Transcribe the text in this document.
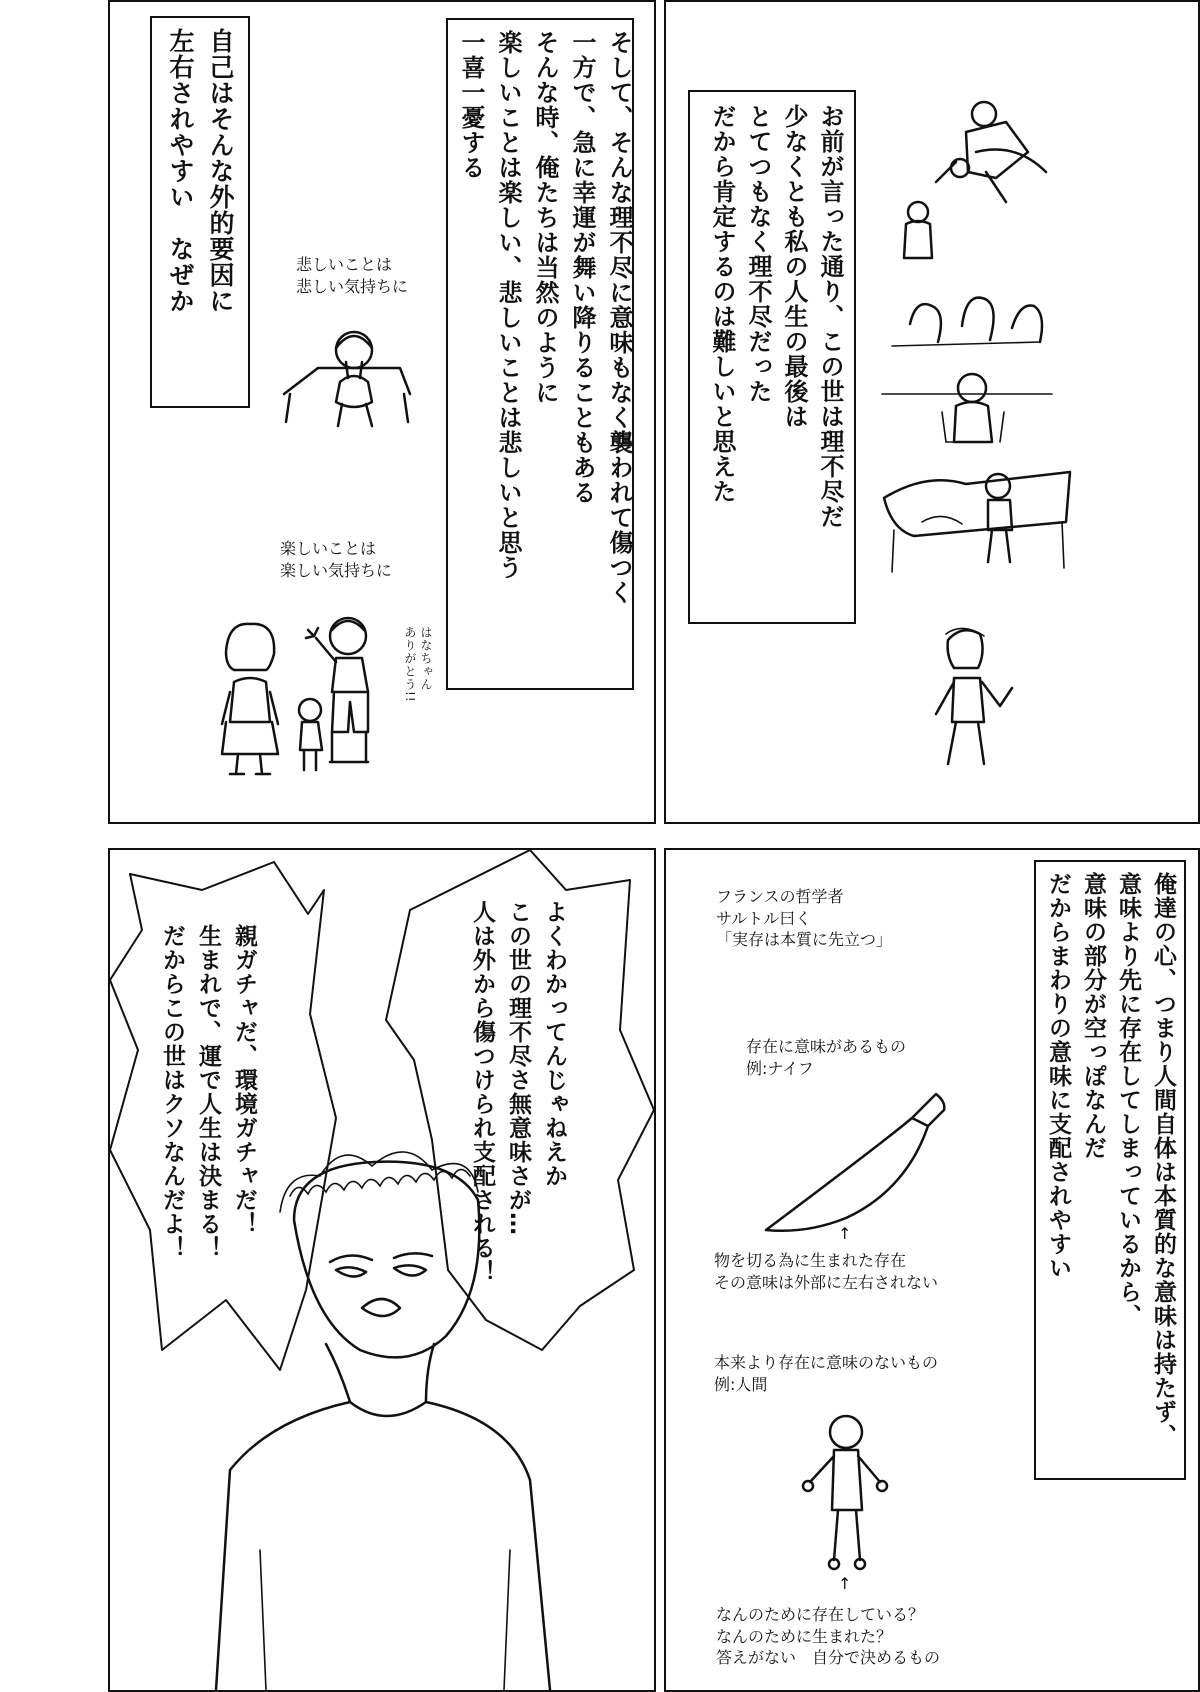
そして、そんな理不尽に意味もなく襲われて傷つく
一方で、急に幸運が舞い降りることもある
そんな時、俺たちは当然のように
楽しいことは楽しい、悲しいことは悲しいと思う
一喜一憂する
自己はそんな外的要因に
左右されやすい　なぜか	悲しいことは
悲しい気持ちに
楽しいことは
楽しい気持ちに
はなちゃん
ありがとう!!
お前が言った通り、この世は理不尽だ
少なくとも私の人生の最後は
とてつもなく理不尽だった
だから肯定するのは難しいと思えた
親ガチャだ、環境ガチャだ！
生まれで、運で人生は決まる！
だからこの世はクソなんだよ！	よくわかってんじゃねえか
この世の理不尽さ無意味さが…
人は外から傷つけられ支配される！	俺達の心、つまり人間自体は本質的な意味は持たず、
意味より先に存在してしまっているから、
意味の部分が空っぽなんだ
だからまわりの意味に支配されやすい
フランスの哲学者
サルトル曰く
「実存は本質に先立つ」
存在に意味があるもの
例:ナイフ
↑
物を切る為に生まれた存在
その意味は外部に左右されない
本来より存在に意味のないもの
例:人間
↑
なんのために存在している？
なんのために生まれた？
答えがない　自分で決めるもの
